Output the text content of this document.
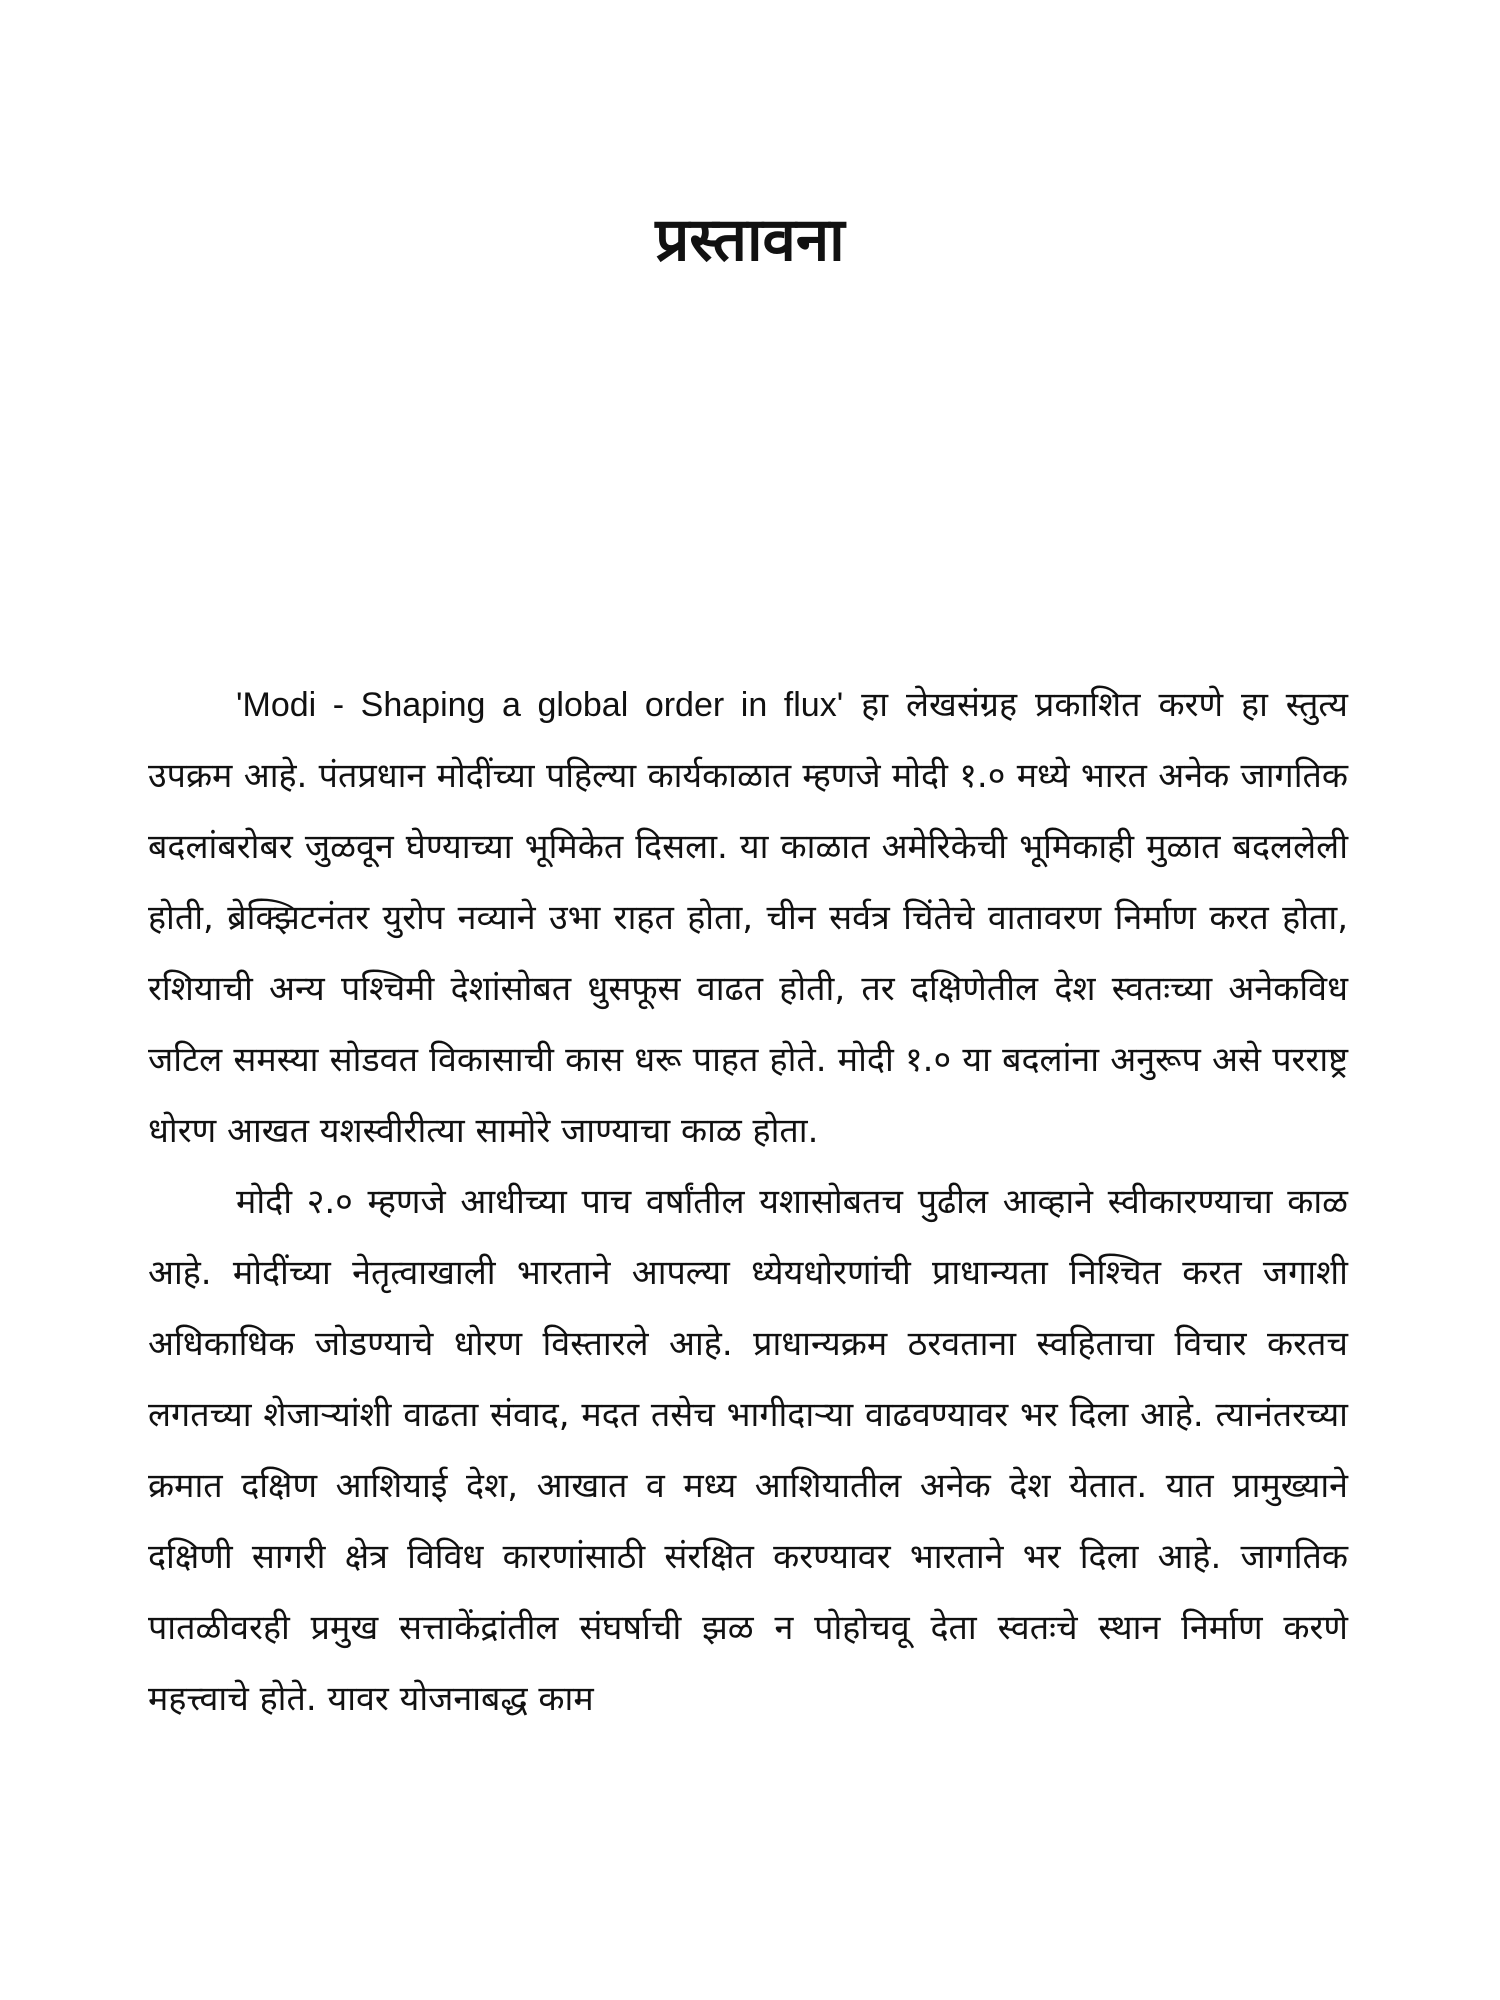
प्रस्तावना

'Modi - Shaping a global order in flux' हा लेखसंग्रह प्रकाशित करणे हा स्तुत्य उपक्रम आहे. पंतप्रधान मोदींच्या पहिल्या कार्यकाळात म्हणजे मोदी १.० मध्ये भारत अनेक जागतिक बदलांबरोबर जुळवून घेण्याच्या भूमिकेत दिसला. या काळात अमेरिकेची भूमिकाही मुळात बदललेली होती, ब्रेक्झिटनंतर युरोप नव्याने उभा राहत होता, चीन सर्वत्र चिंतेचे वातावरण निर्माण करत होता, रशियाची अन्य पश्चिमी देशांसोबत धुसफूस वाढत होती, तर दक्षिणेतील देश स्वतःच्या अनेकविध जटिल समस्या सोडवत विकासाची कास धरू पाहत होते. मोदी १.० या बदलांना अनुरूप असे परराष्ट्र धोरण आखत यशस्वीरीत्या सामोरे जाण्याचा काळ होता.

मोदी २.० म्हणजे आधीच्या पाच वर्षांतील यशासोबतच पुढील आव्हाने स्वीकारण्याचा काळ आहे. मोदींच्या नेतृत्वाखाली भारताने आपल्या ध्येयधोरणांची प्राधान्यता निश्चित करत जगाशी अधिकाधिक जोडण्याचे धोरण विस्तारले आहे. प्राधान्यक्रम ठरवताना स्वहिताचा विचार करतच लगतच्या शेजाऱ्यांशी वाढता संवाद, मदत तसेच भागीदाऱ्या वाढवण्यावर भर दिला आहे. त्यानंतरच्या क्रमात दक्षिण आशियाई देश, आखात व मध्य आशियातील अनेक देश येतात. यात प्रामुख्याने दक्षिणी सागरी क्षेत्र विविध कारणांसाठी संरक्षित करण्यावर भारताने भर दिला आहे. जागतिक पातळीवरही प्रमुख सत्ताकेंद्रांतील संघर्षाची झळ न पोहोचवू देता स्वतःचे स्थान निर्माण करणे महत्त्वाचे होते. यावर योजनाबद्ध काम
